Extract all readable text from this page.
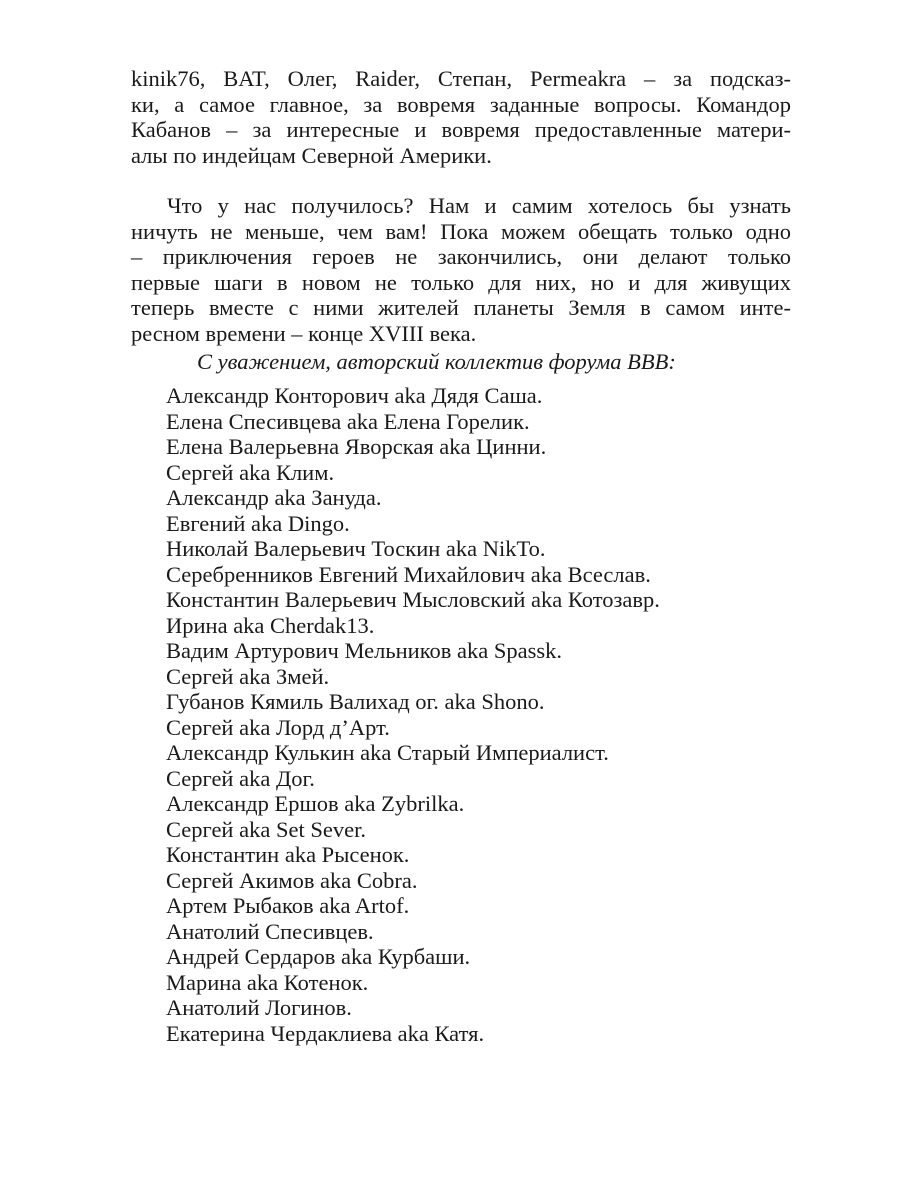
kinik76, BAT, Олег, Raider, Степан, Permeakra – за подсказ-
ки, а самое главное, за вовремя заданные вопросы. Командор
Кабанов – за интересные и вовремя предоставленные матери-
алы по индейцам Северной Америки.

Что у нас получилось? Нам и самим хотелось бы узнать
ничуть не меньше, чем вам! Пока можем обещать только одно
– приключения героев не закончились, они делают только
первые шаги в новом не только для них, но и для живущих
теперь вместе с ними жителей планеты Земля в самом инте-
ресном времени – конце XVIII века.

С уважением, авторский коллектив форума ВВВ:

Александр Конторович aka Дядя Саша.
Елена Спесивцева aka Елена Горелик.
Елена Валерьевна Яворская aka Цинни.
Сергей aka Клим.
Александр aka Зануда.
Евгений aka Dingo.
Николай Валерьевич Тоскин aka NikTo.
Серебренников Евгений Михайлович aka Всеслав.
Константин Валерьевич Мысловский aka Котозавр.
Ирина aka Cherdak13.
Вадим Артурович Мельников aka Spassk.
Сергей aka Змей.
Губанов Кямиль Валихад ог. aka Shono.
Сергей aka Лорд д’Арт.
Александр Кулькин aka Старый Империалист.
Сергей aka Дог.
Александр Ершов aka Zybrilka.
Сергей aka Set Sever.
Константин aka Рысенок.
Сергей Акимов aka Cobra.
Артем Рыбаков aka Artof.
Анатолий Спесивцев.
Андрей Сердаров aka Курбаши.
Марина aka Котенок.
Анатолий Логинов.
Екатерина Чердаклиева aka Катя.
